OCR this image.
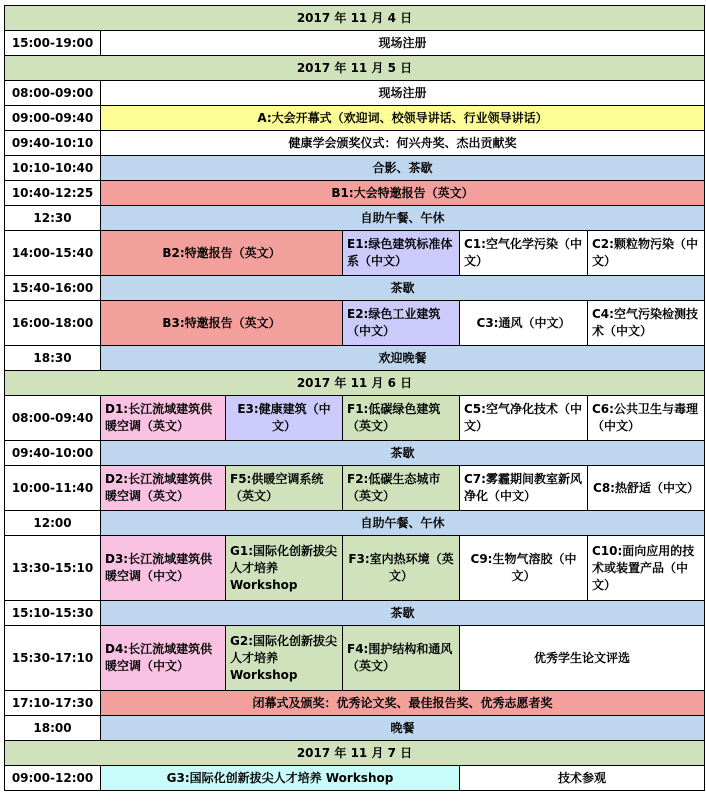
2017 年 11 月 4 日					
15:00-19:00	现场注册				
2017 年 11 月 5 日					
08:00-09:00	现场注册				
09:00-09:40	A:大会开幕式（欢迎词、校领导讲话、行业领导讲话）				
09:40-10:10	健康学会颁奖仪式：何兴舟奖、杰出贡献奖				
10:10-10:40	合影、茶歇				
10:40-12:25	B1:大会特邀报告（英文）				
12:30	自助午餐、午休				
14:00-15:40	B2:特邀报告（英文）		E1:绿色建筑标准体系（中文）	C1:空气化学污染（中文）	C2:颗粒物污染（中文）
15:40-16:00	茶歇				
16:00-18:00	B3:特邀报告（英文）		E2:绿色工业建筑（中文）	C3:通风（中文）	C4:空气污染检测技术（中文）
18:30	欢迎晚餐				
2017 年 11 月 6 日					
08:00-09:40	D1:长江流域建筑供暖空调（英文）	E3:健康建筑（中文）	F1:低碳绿色建筑（英文）	C5:空气净化技术（中文）	C6:公共卫生与毒理（中文）
09:40-10:00	茶歇				
10:00-11:40	D2:长江流域建筑供暖空调（英文）	F5:供暖空调系统（英文）	F2:低碳生态城市（英文）	C7:雾霾期间教室新风净化（中文）	C8:热舒适（中文）
12:00	自助午餐、午休				
13:30-15:10	D3:长江流域建筑供暖空调（中文）	G1:国际化创新拔尖人才培养 Workshop	F3:室内热环境（英文）	C9:生物气溶胶（中文）	C10:面向应用的技术或装置产品（中文）
15:10-15:30	茶歇				
15:30-17:10	D4:长江流域建筑供暖空调（中文）	G2:国际化创新拔尖人才培养 Workshop	F4:围护结构和通风（英文）	优秀学生论文评选	
17:10-17:30	闭幕式及颁奖：优秀论文奖、最佳报告奖、优秀志愿者奖				
18:00	晚餐				
2017 年 11 月 7 日					
09:00-12:00	G3:国际化创新拔尖人才培养 Workshop			技术参观	
